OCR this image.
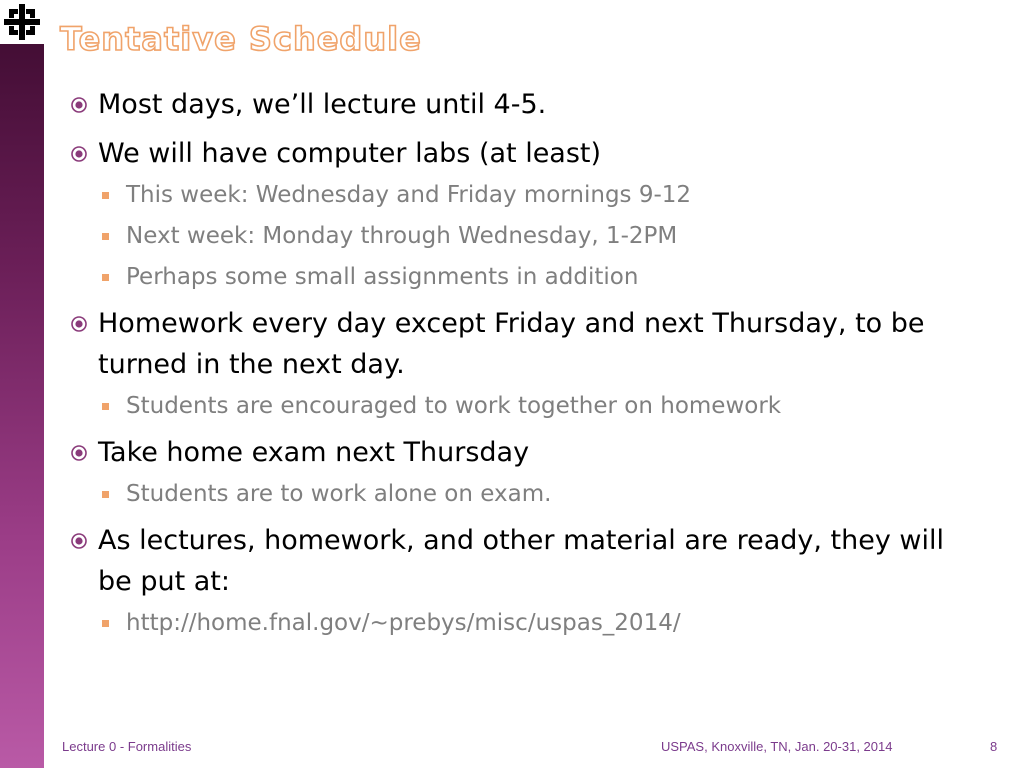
Tentative Schedule
Most days, we’ll lecture until 4-5.
We will have computer labs (at least)
This week: Wednesday and Friday mornings 9-12
Next week: Monday through Wednesday, 1-2PM
Perhaps some small assignments in addition
Homework every day except Friday and next Thursday, to be turned in the next day.
Students are encouraged to work together on homework
Take home exam next Thursday
Students are to work alone on exam.
As lectures, homework, and other material are ready, they will be put at:
http://home.fnal.gov/~prebys/misc/uspas_2014/
Lecture 0 - Formalities	USPAS, Knoxville, TN, Jan. 20-31, 2014	8
